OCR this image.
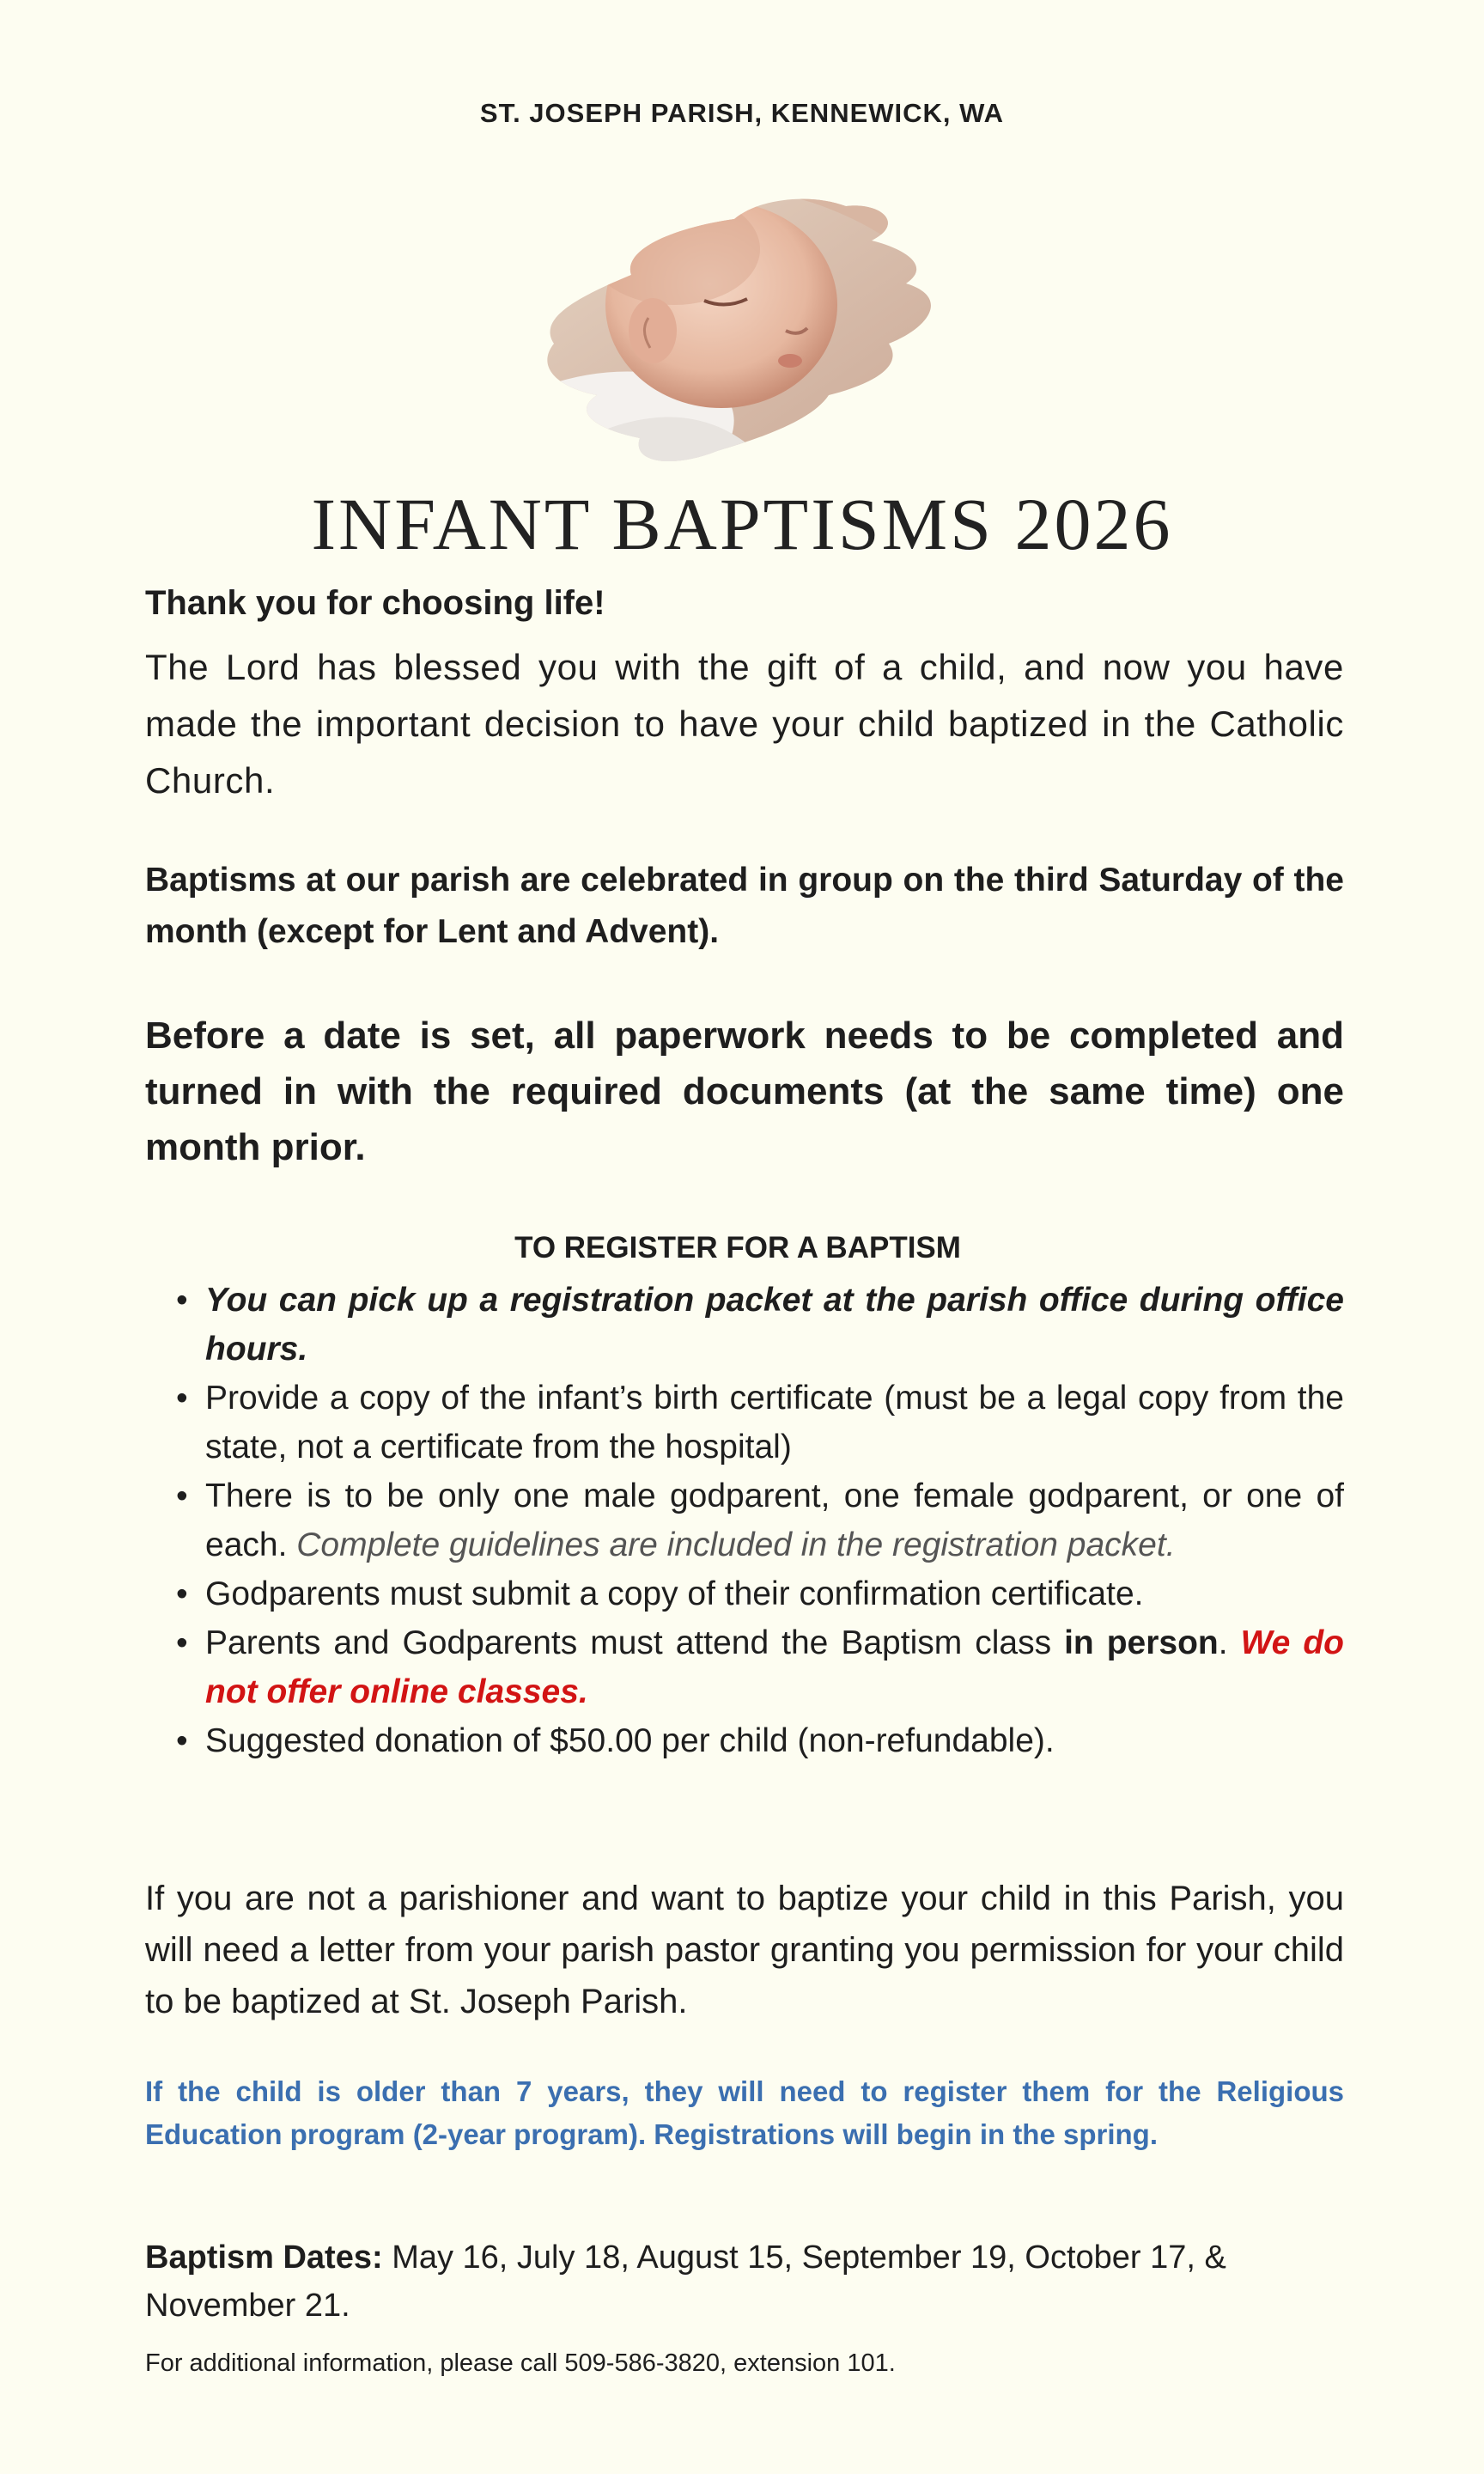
ST. JOSEPH PARISH, KENNEWICK, WA
INFANT BAPTISMS 2026
Thank you for choosing life!
The Lord has blessed you with the gift of a child, and now you have made the important decision to have your child baptized in the Catholic Church.
Baptisms at our parish are celebrated in group on the third Saturday of the month (except for Lent and Advent).
Before a date is set, all paperwork needs to be completed and turned in with the required documents (at the same time) one month prior.
TO REGISTER FOR A BAPTISM
• You can pick up a registration packet at the parish office during office hours.
• Provide a copy of the infant’s birth certificate (must be a legal copy from the state, not a certificate from the hospital)
• There is to be only one male godparent, one female godparent, or one of each. Complete guidelines are included in the registration packet.
• Godparents must submit a copy of their confirmation certificate.
• Parents and Godparents must attend the Baptism class in person. We do not offer online classes.
• Suggested donation of $50.00 per child (non-refundable).
If you are not a parishioner and want to baptize your child in this Parish, you will need a letter from your parish pastor granting you permission for your child to be baptized at St. Joseph Parish.
If the child is older than 7 years, they will need to register them for the Religious Education program (2-year program). Registrations will begin in the spring.
Baptism Dates: May 16, July 18, August 15, September 19, October 17, & November 21.
For additional information, please call 509-586-3820, extension 101.
